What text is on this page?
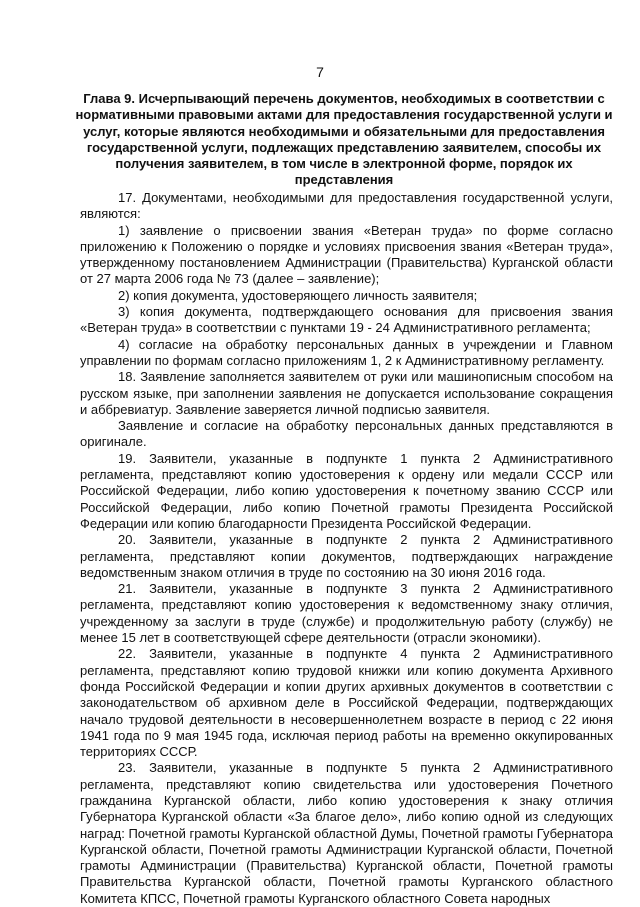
7
Глава 9. Исчерпывающий перечень документов, необходимых в соответствии с нормативными правовыми актами для предоставления государственной услуги и услуг, которые являются необходимыми и обязательными для предоставления государственной услуги, подлежащих представлению заявителем, способы их получения заявителем, в том числе в электронной форме, порядок их представления

17. Документами, необходимыми для предоставления государственной услуги, являются:

1) заявление о присвоении звания «Ветеран труда» по форме согласно приложению к Положению о порядке и условиях присвоения звания «Ветеран труда», утвержденному постановлением Администрации (Правительства) Курганской области от 27 марта 2006 года № 73 (далее – заявление);

2) копия документа, удостоверяющего личность заявителя;

3) копия документа, подтверждающего основания для присвоения звания «Ветеран труда» в соответствии с пунктами 19 - 24 Административного регламента;

4) согласие на обработку персональных данных в учреждении и Главном управлении по формам согласно приложениям 1, 2 к Административному регламенту.

18. Заявление заполняется заявителем от руки или машинописным способом на русском языке, при заполнении заявления не допускается использование сокращения и аббревиатур. Заявление заверяется личной подписью заявителя.

Заявление и согласие на обработку персональных данных представляются в оригинале.

19. Заявители, указанные в подпункте 1 пункта 2 Административного регламента, представляют копию удостоверения к ордену или медали СССР или Российской Федерации, либо копию удостоверения к почетному званию СССР или Российской Федерации, либо копию Почетной грамоты Президента Российской Федерации или копию благодарности Президента Российской Федерации.

20. Заявители, указанные в подпункте 2 пункта 2 Административного регламента, представляют копии документов, подтверждающих награждение ведомственным знаком отличия в труде по состоянию на 30 июня 2016 года.

21. Заявители, указанные в подпункте 3 пункта 2 Административного регламента, представляют копию удостоверения к ведомственному знаку отличия, учрежденному за заслуги в труде (службе) и продолжительную работу (службу) не менее 15 лет в соответствующей сфере деятельности (отрасли экономики).

22. Заявители, указанные в подпункте 4 пункта 2 Административного регламента, представляют копию трудовой книжки или копию документа Архивного фонда Российской Федерации и копии других архивных документов в соответствии с законодательством об архивном деле в Российской Федерации, подтверждающих начало трудовой деятельности в несовершеннолетнем возрасте в период с 22 июня 1941 года по 9 мая 1945 года, исключая период работы на временно оккупированных территориях СССР.

23. Заявители, указанные в подпункте 5 пункта 2 Административного регламента, представляют копию свидетельства или удостоверения Почетного гражданина Курганской области, либо копию удостоверения к знаку отличия Губернатора Курганской области «За благое дело», либо копию одной из следующих наград: Почетной грамоты Курганской областной Думы, Почетной грамоты Губернатора Курганской области, Почетной грамоты Администрации Курганской области, Почетной грамоты Администрации (Правительства) Курганской области, Почетной грамоты Правительства Курганской области, Почетной грамоты Курганского областного Комитета КПСС, Почетной грамоты Курганского областного Совета народных
